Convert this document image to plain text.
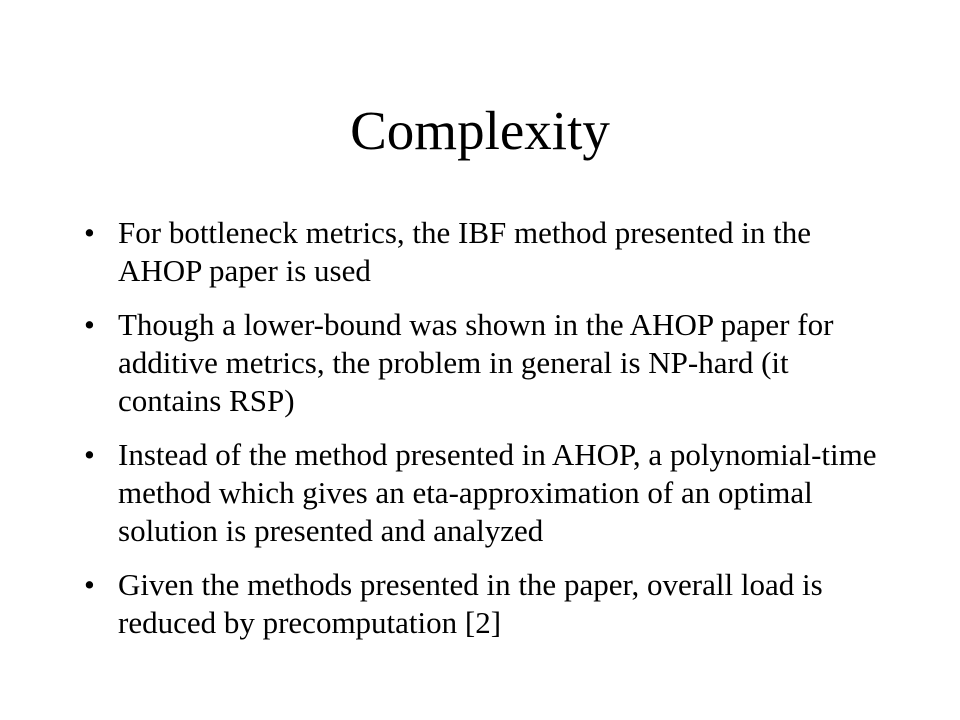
Complexity
• For bottleneck metrics, the IBF method presented in the AHOP paper is used
• Though a lower-bound was shown in the AHOP paper for additive metrics, the problem in general is NP-hard (it contains RSP)
• Instead of the method presented in AHOP, a polynomial-time method which gives an eta-approximation of an optimal solution is presented and analyzed
• Given the methods presented in the paper, overall load is reduced by precomputation [2]
